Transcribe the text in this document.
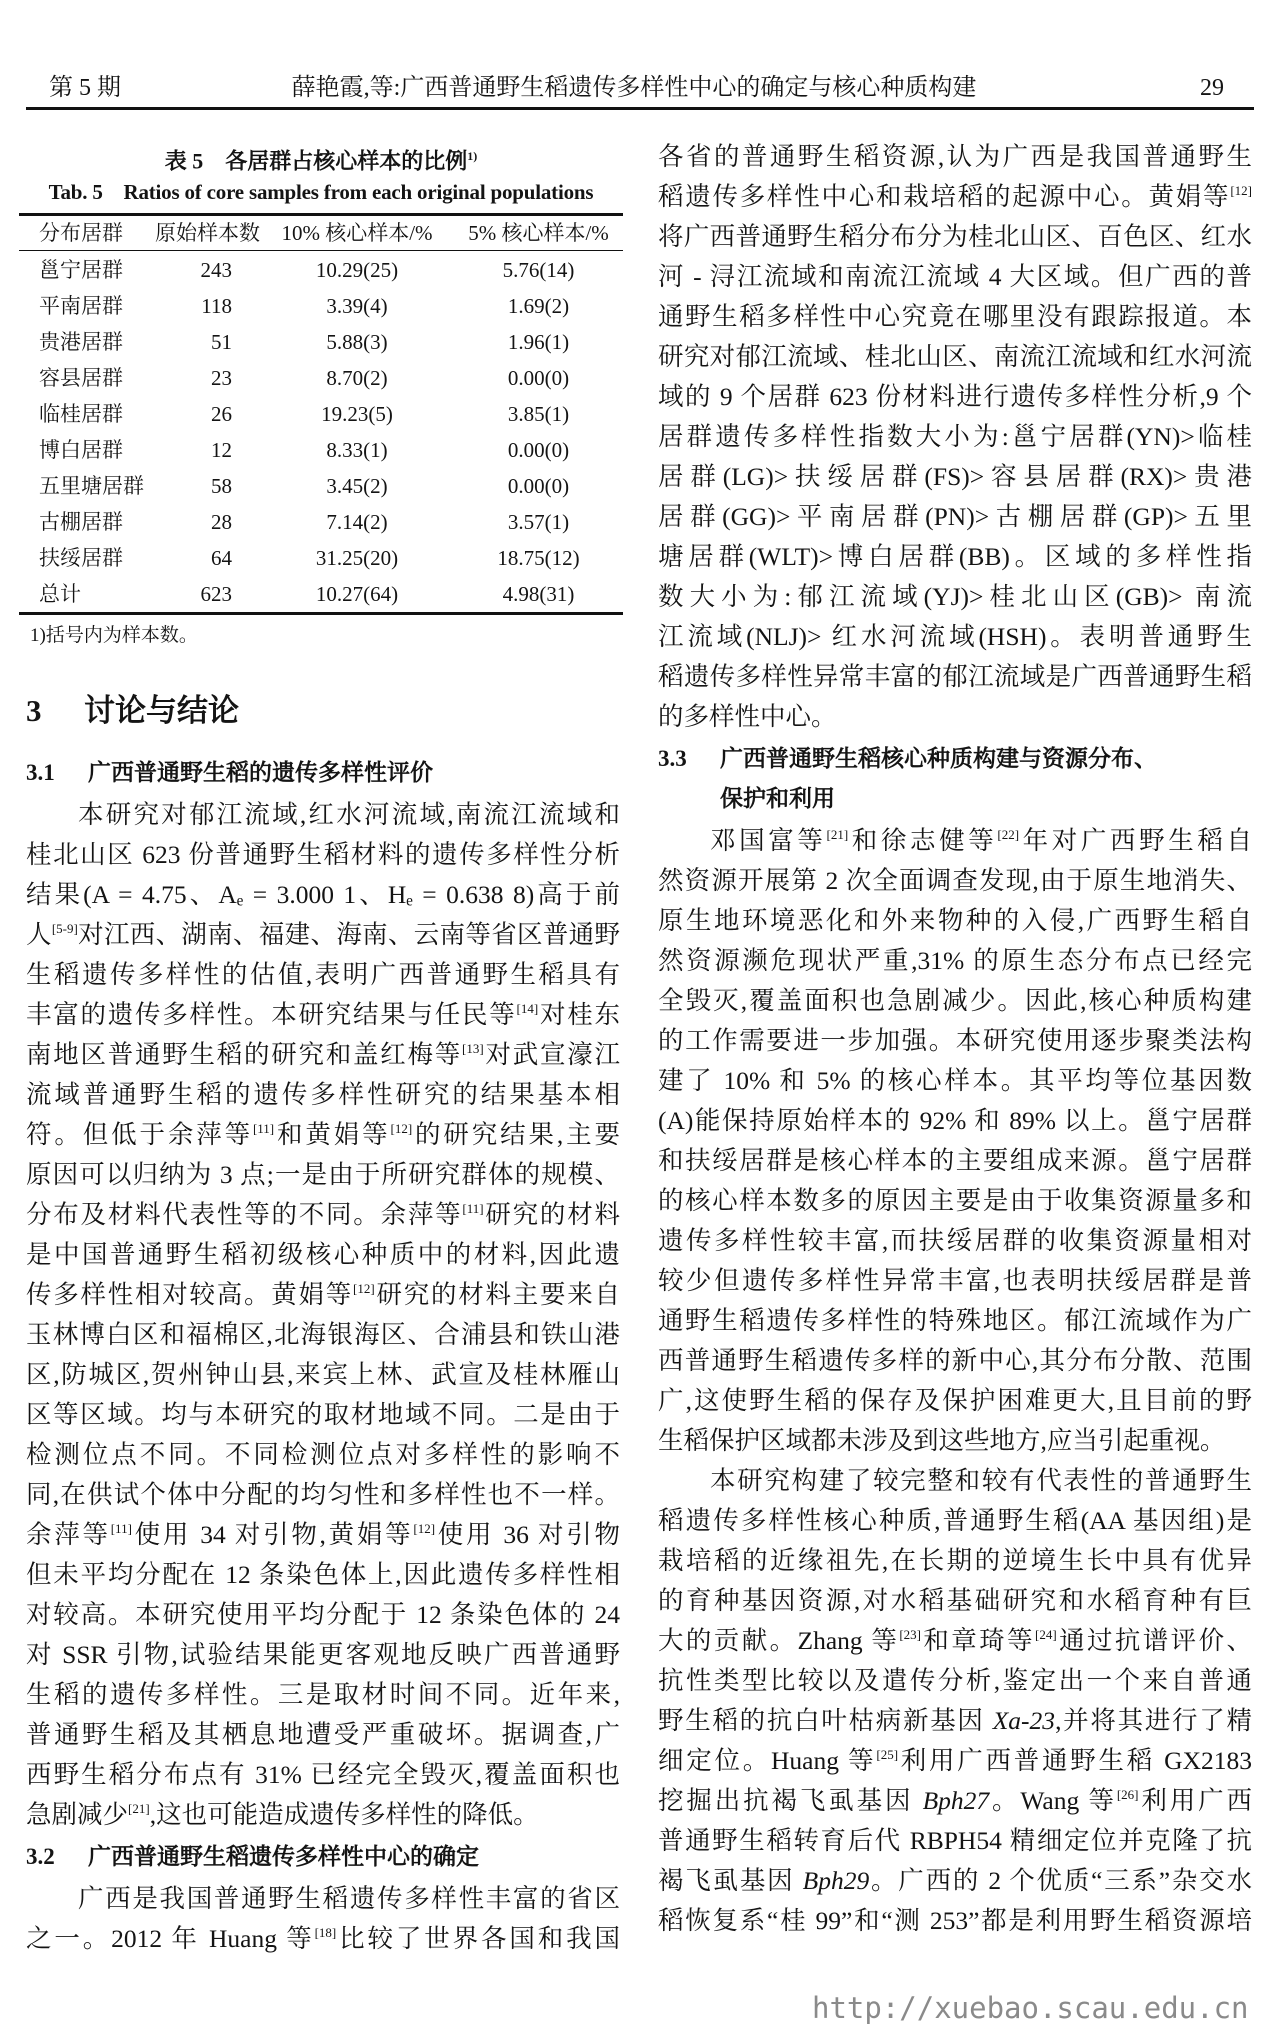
第 5 期	薛艳霞,等:广西普通野生稻遗传多样性中心的确定与核心种质构建	29
表 5　各居群占核心样本的比例$^{1)}$
Tab. 5　Ratios of core samples from each original populations
分布居群	原始样本数	10% 核心样本/%	5% 核心样本/%
邕宁居群	243	10.29(25)	5.76(14)
平南居群	118	3.39(4)	1.69(2)
贵港居群	51	5.88(3)	1.96(1)
容县居群	23	8.70(2)	0.00(0)
临桂居群	26	19.23(5)	3.85(1)
博白居群	12	8.33(1)	0.00(0)
五里塘居群	58	3.45(2)	0.00(0)
古棚居群	28	7.14(2)	3.57(1)
扶绥居群	64	31.25(20)	18.75(12)
总计	623	10.27(64)	4.98(31)
1)括号内为样本数。
3 讨论与结论
3.1	广西普通野生稻的遗传多样性评价
本研究对郁江流域,红水河流域,南流江流域和
桂北山区 623 份普通野生稻材料的遗传多样性分析
结果(A = 4.75、Aₑ = 3.000 1、Hₑ = 0.638 8)高于前
人[5-9]对江西、湖南、福建、海南、云南等省区普通野
生稻遗传多样性的估值,表明广西普通野生稻具有
丰富的遗传多样性。本研究结果与任民等[14]对桂东
南地区普通野生稻的研究和盖红梅等[13]对武宣濠江
流域普通野生稻的遗传多样性研究的结果基本相
符。但低于余萍等[11]和黄娟等[12]的研究结果,主要
原因可以归纳为 3 点;一是由于所研究群体的规模、
分布及材料代表性等的不同。余萍等[11]研究的材料
是中国普通野生稻初级核心种质中的材料,因此遗
传多样性相对较高。黄娟等[12]研究的材料主要来自
玉林博白区和福棉区,北海银海区、合浦县和铁山港
区,防城区,贺州钟山县,来宾上林、武宣及桂林雁山
区等区域。均与本研究的取材地域不同。二是由于
检测位点不同。不同检测位点对多样性的影响不
同,在供试个体中分配的均匀性和多样性也不一样。
余萍等[11]使用 34 对引物,黄娟等[12]使用 36 对引物
但未平均分配在 12 条染色体上,因此遗传多样性相
对较高。本研究使用平均分配于 12 条染色体的 24
对 SSR 引物,试验结果能更客观地反映广西普通野
生稻的遗传多样性。三是取材时间不同。近年来,
普通野生稻及其栖息地遭受严重破坏。据调查,广
西野生稻分布点有 31% 已经完全毁灭,覆盖面积也
急剧减少[21],这也可能造成遗传多样性的降低。
3.2	广西普通野生稻遗传多样性中心的确定
广西是我国普通野生稻遗传多样性丰富的省区
之一。2012 年 Huang 等[18]比较了世界各国和我国
各省的普通野生稻资源,认为广西是我国普通野生
稻遗传多样性中心和栽培稻的起源中心。黄娟等[12]
将广西普通野生稻分布分为桂北山区、百色区、红水
河 - 浔江流域和南流江流域 4 大区域。但广西的普
通野生稻多样性中心究竟在哪里没有跟踪报道。本
研究对郁江流域、桂北山区、南流江流域和红水河流
域的 9 个居群 623 份材料进行遗传多样性分析,9 个
居群遗传多样性指数大小为:邕宁居群(YN)>临桂
居群(LG)>扶绥居群(FS)>容县居群(RX)>贵港
居群(GG)>平南居群(PN)>古棚居群(GP)>五里
塘居群(WLT)>博白居群(BB)。区域的多样性指
数大小为:郁江流域(YJ)>桂北山区(GB)> 南流
江流域(NLJ)> 红水河流域(HSH)。表明普通野生
稻遗传多样性异常丰富的郁江流域是广西普通野生稻
的多样性中心。
3.3	广西普通野生稻核心种质构建与资源分布、
保护和利用
邓国富等[21]和徐志健等[22]年对广西野生稻自
然资源开展第 2 次全面调查发现,由于原生地消失、
原生地环境恶化和外来物种的入侵,广西野生稻自
然资源濒危现状严重,31% 的原生态分布点已经完
全毁灭,覆盖面积也急剧减少。因此,核心种质构建
的工作需要进一步加强。本研究使用逐步聚类法构
建了 10% 和 5% 的核心样本。其平均等位基因数
(A)能保持原始样本的 92% 和 89% 以上。邕宁居群
和扶绥居群是核心样本的主要组成来源。邕宁居群
的核心样本数多的原因主要是由于收集资源量多和
遗传多样性较丰富,而扶绥居群的收集资源量相对
较少但遗传多样性异常丰富,也表明扶绥居群是普
通野生稻遗传多样性的特殊地区。郁江流域作为广
西普通野生稻遗传多样的新中心,其分布分散、范围
广,这使野生稻的保存及保护困难更大,且目前的野
生稻保护区域都未涉及到这些地方,应当引起重视。
本研究构建了较完整和较有代表性的普通野生
稻遗传多样性核心种质,普通野生稻(AA 基因组)是
栽培稻的近缘祖先,在长期的逆境生长中具有优异
的育种基因资源,对水稻基础研究和水稻育种有巨
大的贡献。Zhang 等[23]和章琦等[24]通过抗谱评价、
抗性类型比较以及遣传分析,鉴定出一个来自普通
野生稻的抗白叶枯病新基因 Xa-23,并将其进行了精
细定位。Huang 等[25]利用广西普通野生稻 GX2183
挖掘出抗褐飞虱基因 Bph27。Wang 等[26]利用广西
普通野生稻转育后代 RBPH54 精细定位并克隆了抗
褐飞虱基因 Bph29。广西的 2 个优质“三系”杂交水
稻恢复系“桂 99”和“测 253”都是利用野生稻资源培
http://xuebao.scau.edu.cn
